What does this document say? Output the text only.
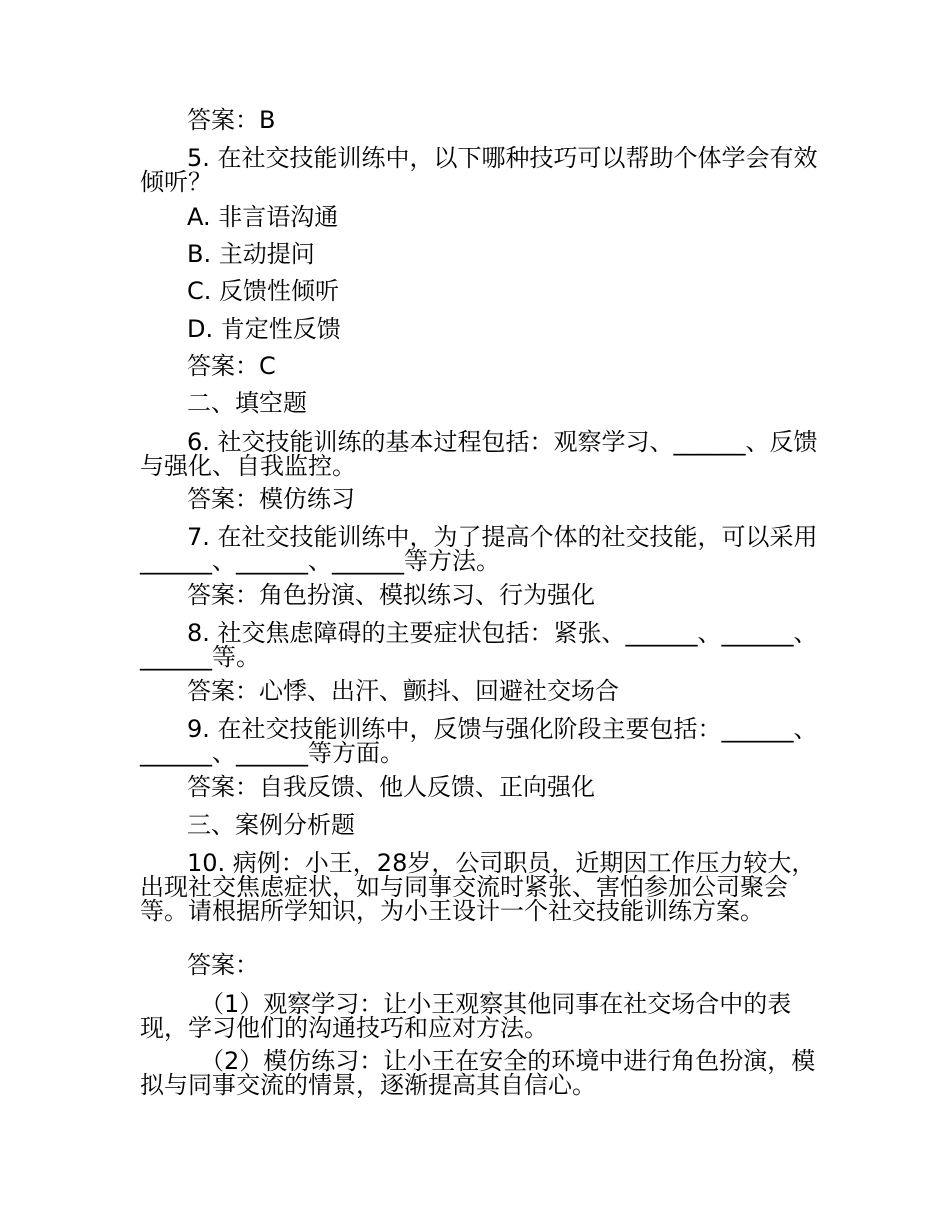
答案：B
5. 在社交技能训练中，以下哪种技巧可以帮助个体学会有效倾听？
A. 非言语沟通
B. 主动提问
C. 反馈性倾听
D. 肯定性反馈
答案：C
二、填空题
6. 社交技能训练的基本过程包括：观察学习、______、反馈与强化、自我监控。
答案：模仿练习
7. 在社交技能训练中，为了提高个体的社交技能，可以采用______、______、______等方法。
答案：角色扮演、模拟练习、行为强化
8. 社交焦虑障碍的主要症状包括：紧张、______、______、______等。
答案：心悸、出汗、颤抖、回避社交场合
9. 在社交技能训练中，反馈与强化阶段主要包括：______、______、______等方面。
答案：自我反馈、他人反馈、正向强化
三、案例分析题
10. 病例：小王，28岁，公司职员，近期因工作压力较大，出现社交焦虑症状，如与同事交流时紧张、害怕参加公司聚会等。请根据所学知识，为小王设计一个社交技能训练方案。
答案：
（1）观察学习：让小王观察其他同事在社交场合中的表现，学习他们的沟通技巧和应对方法。
（2）模仿练习：让小王在安全的环境中进行角色扮演，模拟与同事交流的情景，逐渐提高其自信心。
